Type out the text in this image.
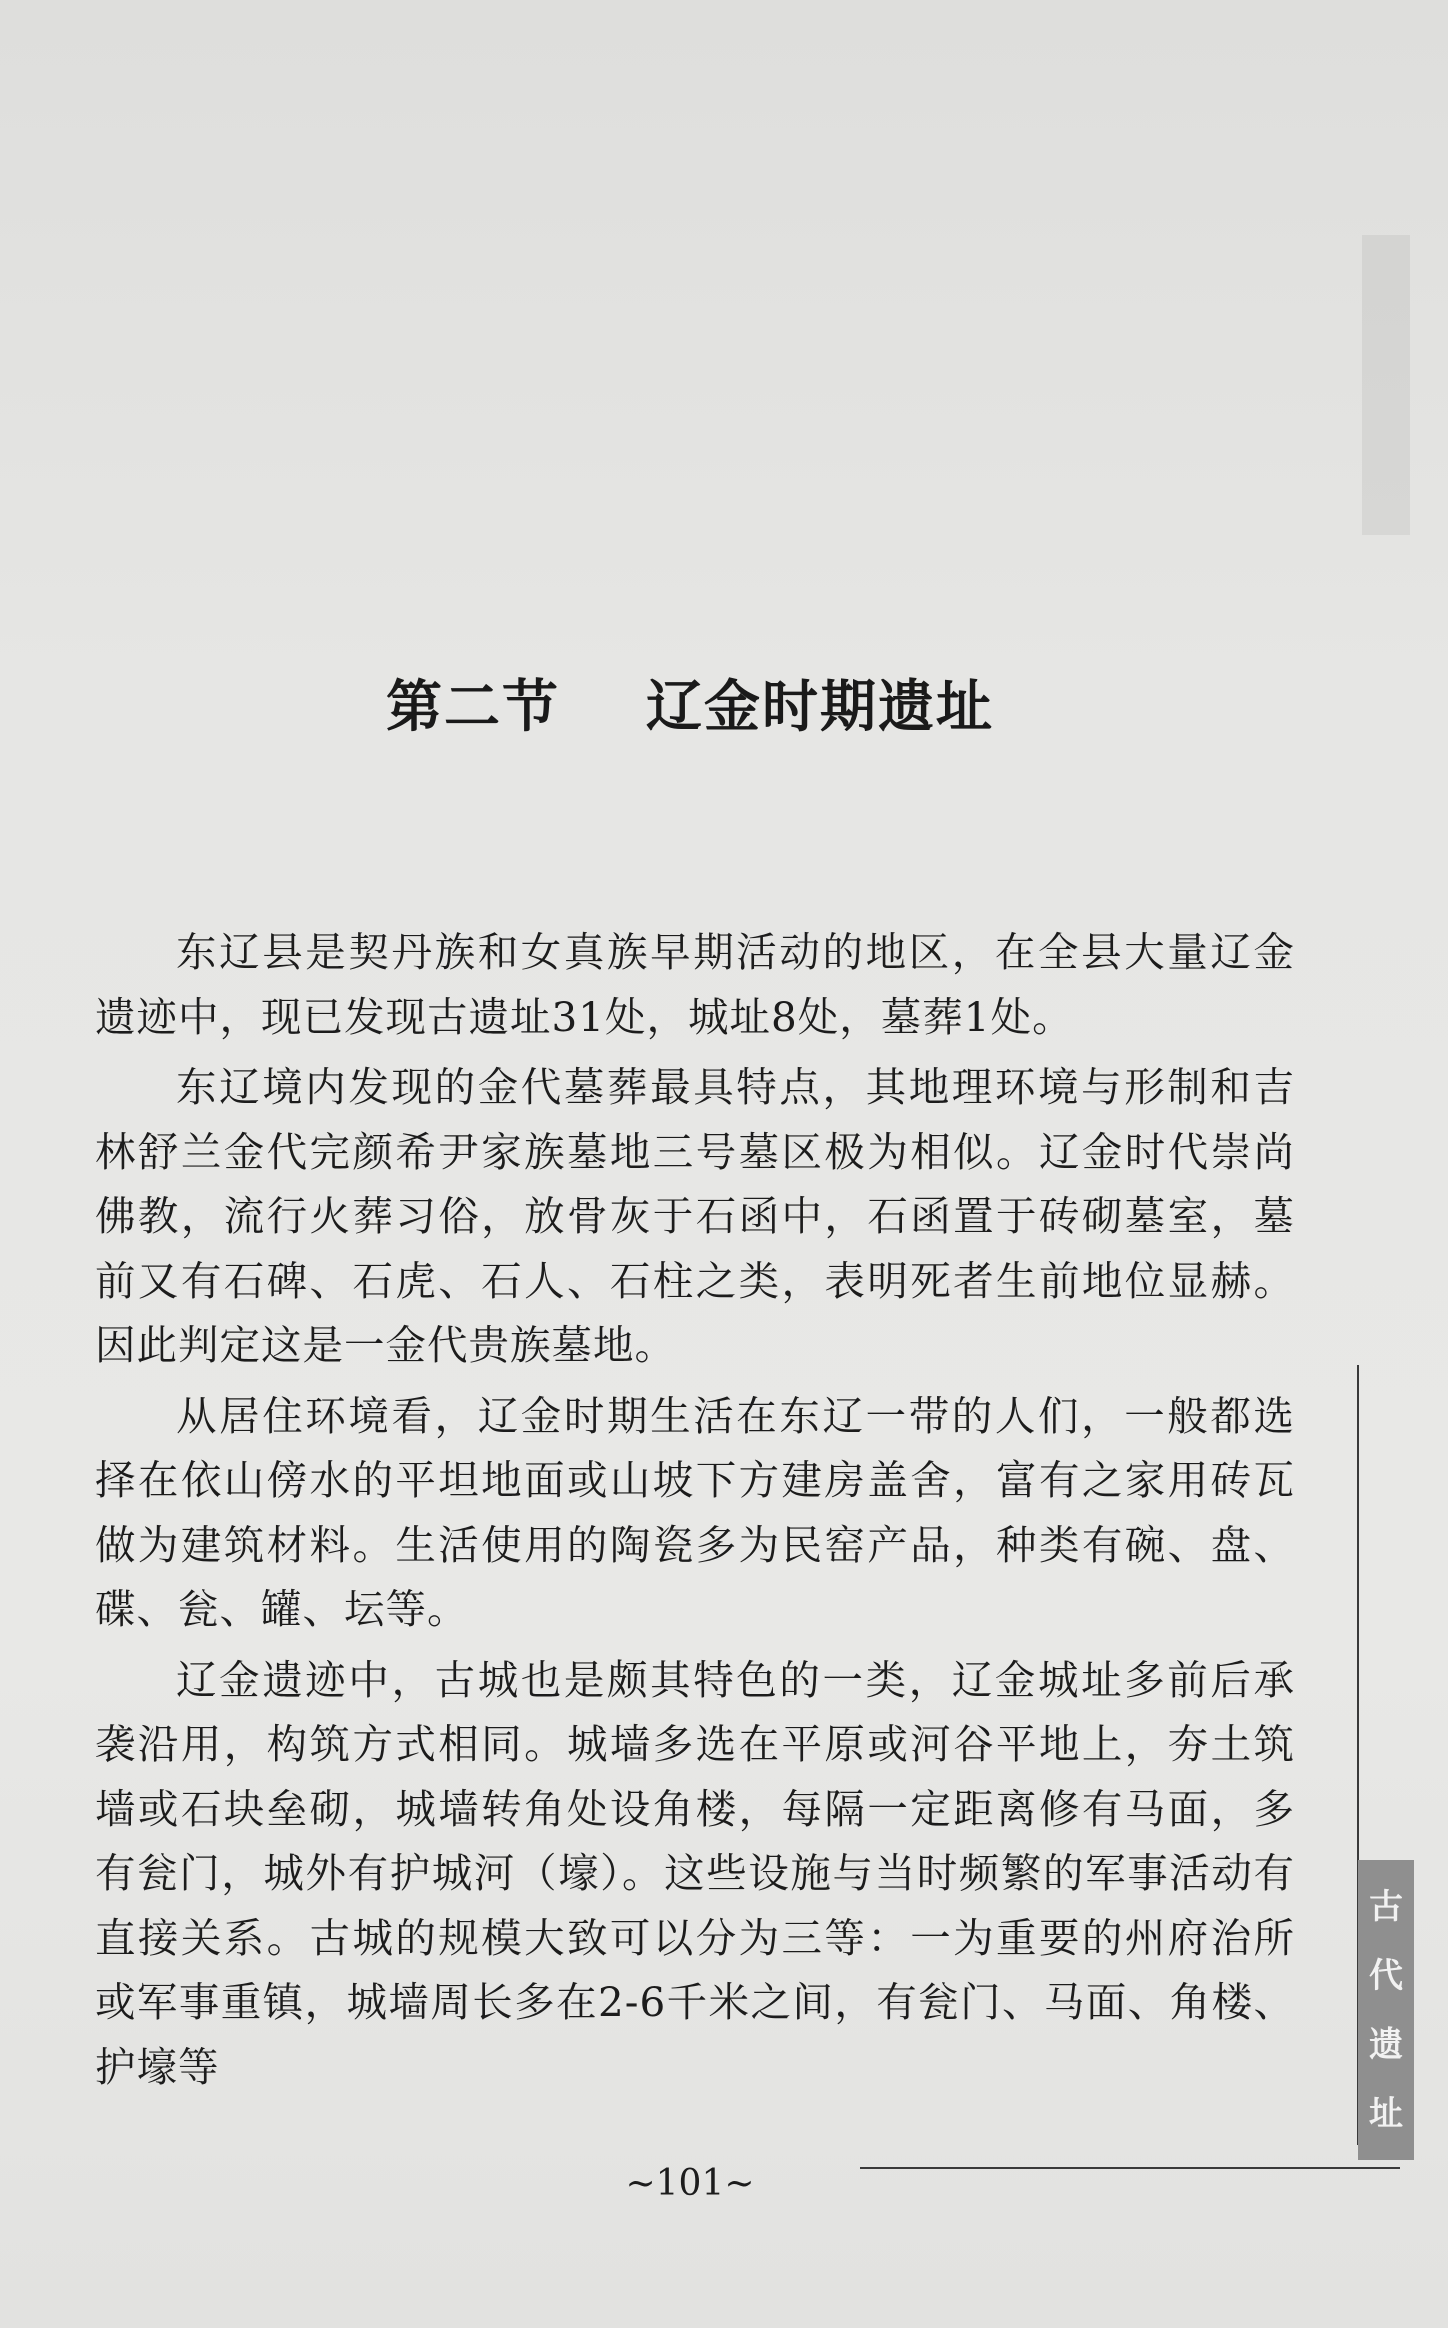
第二节    辽金时期遗址

东辽县是契丹族和女真族早期活动的地区，在全县大量辽金遗迹中，现已发现古遗址31处，城址8处，墓葬1处。

东辽境内发现的金代墓葬最具特点，其地理环境与形制和吉林舒兰金代完颜希尹家族墓地三号墓区极为相似。辽金时代崇尚佛教，流行火葬习俗，放骨灰于石函中，石函置于砖砌墓室，墓前又有石碑、石虎、石人、石柱之类，表明死者生前地位显赫。因此判定这是一金代贵族墓地。

从居住环境看，辽金时期生活在东辽一带的人们，一般都选择在依山傍水的平坦地面或山坡下方建房盖舍，富有之家用砖瓦做为建筑材料。生活使用的陶瓷多为民窑产品，种类有碗、盘、碟、瓮、罐、坛等。

辽金遗迹中，古城也是颇其特色的一类，辽金城址多前后承袭沿用，构筑方式相同。城墙多选在平原或河谷平地上，夯土筑墙或石块垒砌，城墙转角处设角楼，每隔一定距离修有马面，多有瓮门，城外有护城河（壕）。这些设施与当时频繁的军事活动有直接关系。古城的规模大致可以分为三等：一为重要的州府治所或军事重镇，城墙周长多在2-6千米之间，有瓮门、马面、角楼、护壕等

古
代
遗
址
~101~
